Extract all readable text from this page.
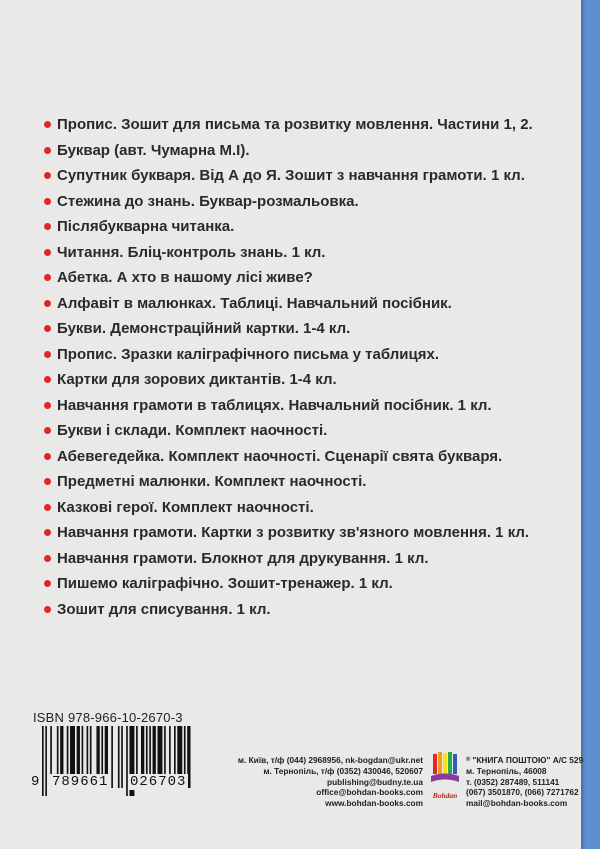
Пропис. Зошит для письма та розвитку мовлення. Частини 1, 2.
Буквар (авт. Чумарна М.І).
Супутник букваря. Від А до Я. Зошит з навчання грамоти. 1 кл.
Стежина до знань. Буквар-розмальовка.
Післябукварна читанка.
Читання. Бліц-контроль знань. 1 кл.
Абетка. А хто в нашому лісі живе?
Алфавіт в малюнках. Таблиці. Навчальний посібник.
Букви. Демонстраційний картки. 1-4 кл.
Пропис. Зразки каліграфічного письма у таблицях.
Картки для зорових диктантів. 1-4 кл.
Навчання грамоти в таблицях. Навчальний посібник. 1 кл.
Букви і склади. Комплект наочності.
Абевегедейка. Комплект наочності. Сценарії свята букваря.
Предметні малюнки. Комплект наочності.
Казкові герої. Комплект наочності.
Навчання грамоти. Картки з розвитку зв'язного мовлення. 1 кл.
Навчання грамоти. Блокнот для друкування. 1 кл.
Пишемо каліграфічно. Зошит-тренажер. 1 кл.
Зошит для списування. 1 кл.
ISBN 978-966-10-2670-3
9 789661 026703
м. Київ, т/ф (044) 2968956, nk-bogdan@ukr.net
м. Тернопіль, т/ф (0352) 430046, 520607
publishing@budny.te.ua
office@bohdan-books.com
www.bohdan-books.com
Bohdan
® "КНИГА ПОШТОЮ" А/С 529
м. Тернопіль, 46008
т. (0352) 287489, 511141
(067) 3501870, (066) 7271762
mail@bohdan-books.com
